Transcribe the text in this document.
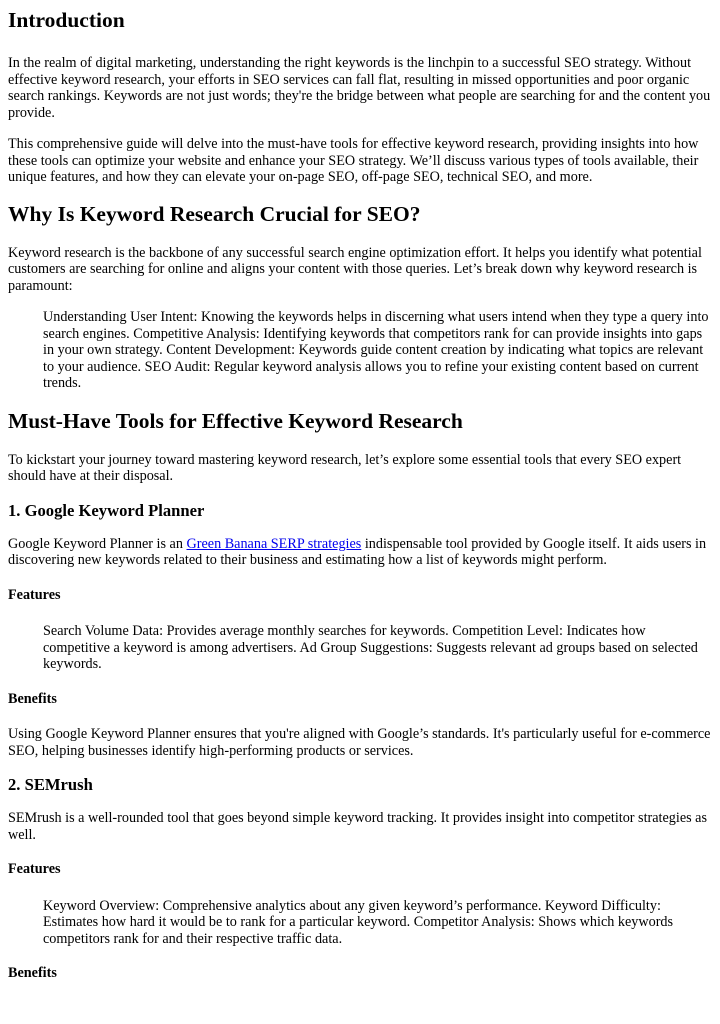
Introduction

In the realm of digital marketing, understanding the right keywords is the linchpin to a successful SEO strategy. Without effective keyword research, your efforts in SEO services can fall flat, resulting in missed opportunities and poor organic search rankings. Keywords are not just words; they're the bridge between what people are searching for and the content you provide.

This comprehensive guide will delve into the must-have tools for effective keyword research, providing insights into how these tools can optimize your website and enhance your SEO strategy. We’ll discuss various types of tools available, their unique features, and how they can elevate your on-page SEO, off-page SEO, technical SEO, and more.

Why Is Keyword Research Crucial for SEO?

Keyword research is the backbone of any successful search engine optimization effort. It helps you identify what potential customers are searching for online and aligns your content with those queries. Let’s break down why keyword research is paramount:

Understanding User Intent: Knowing the keywords helps in discerning what users intend when they type a query into search engines. Competitive Analysis: Identifying keywords that competitors rank for can provide insights into gaps in your own strategy. Content Development: Keywords guide content creation by indicating what topics are relevant to your audience. SEO Audit: Regular keyword analysis allows you to refine your existing content based on current trends.

Must-Have Tools for Effective Keyword Research

To kickstart your journey toward mastering keyword research, let’s explore some essential tools that every SEO expert should have at their disposal.

1. Google Keyword Planner

Google Keyword Planner is an Green Banana SERP strategies indispensable tool provided by Google itself. It aids users in discovering new keywords related to their business and estimating how a list of keywords might perform.

Features

Search Volume Data: Provides average monthly searches for keywords. Competition Level: Indicates how competitive a keyword is among advertisers. Ad Group Suggestions: Suggests relevant ad groups based on selected keywords.

Benefits

Using Google Keyword Planner ensures that you're aligned with Google’s standards. It's particularly useful for e-commerce SEO, helping businesses identify high-performing products or services.

2. SEMrush

SEMrush is a well-rounded tool that goes beyond simple keyword tracking. It provides insight into competitor strategies as well.

Features

Keyword Overview: Comprehensive analytics about any given keyword’s performance. Keyword Difficulty: Estimates how hard it would be to rank for a particular keyword. Competitor Analysis: Shows which keywords competitors rank for and their respective traffic data.

Benefits
